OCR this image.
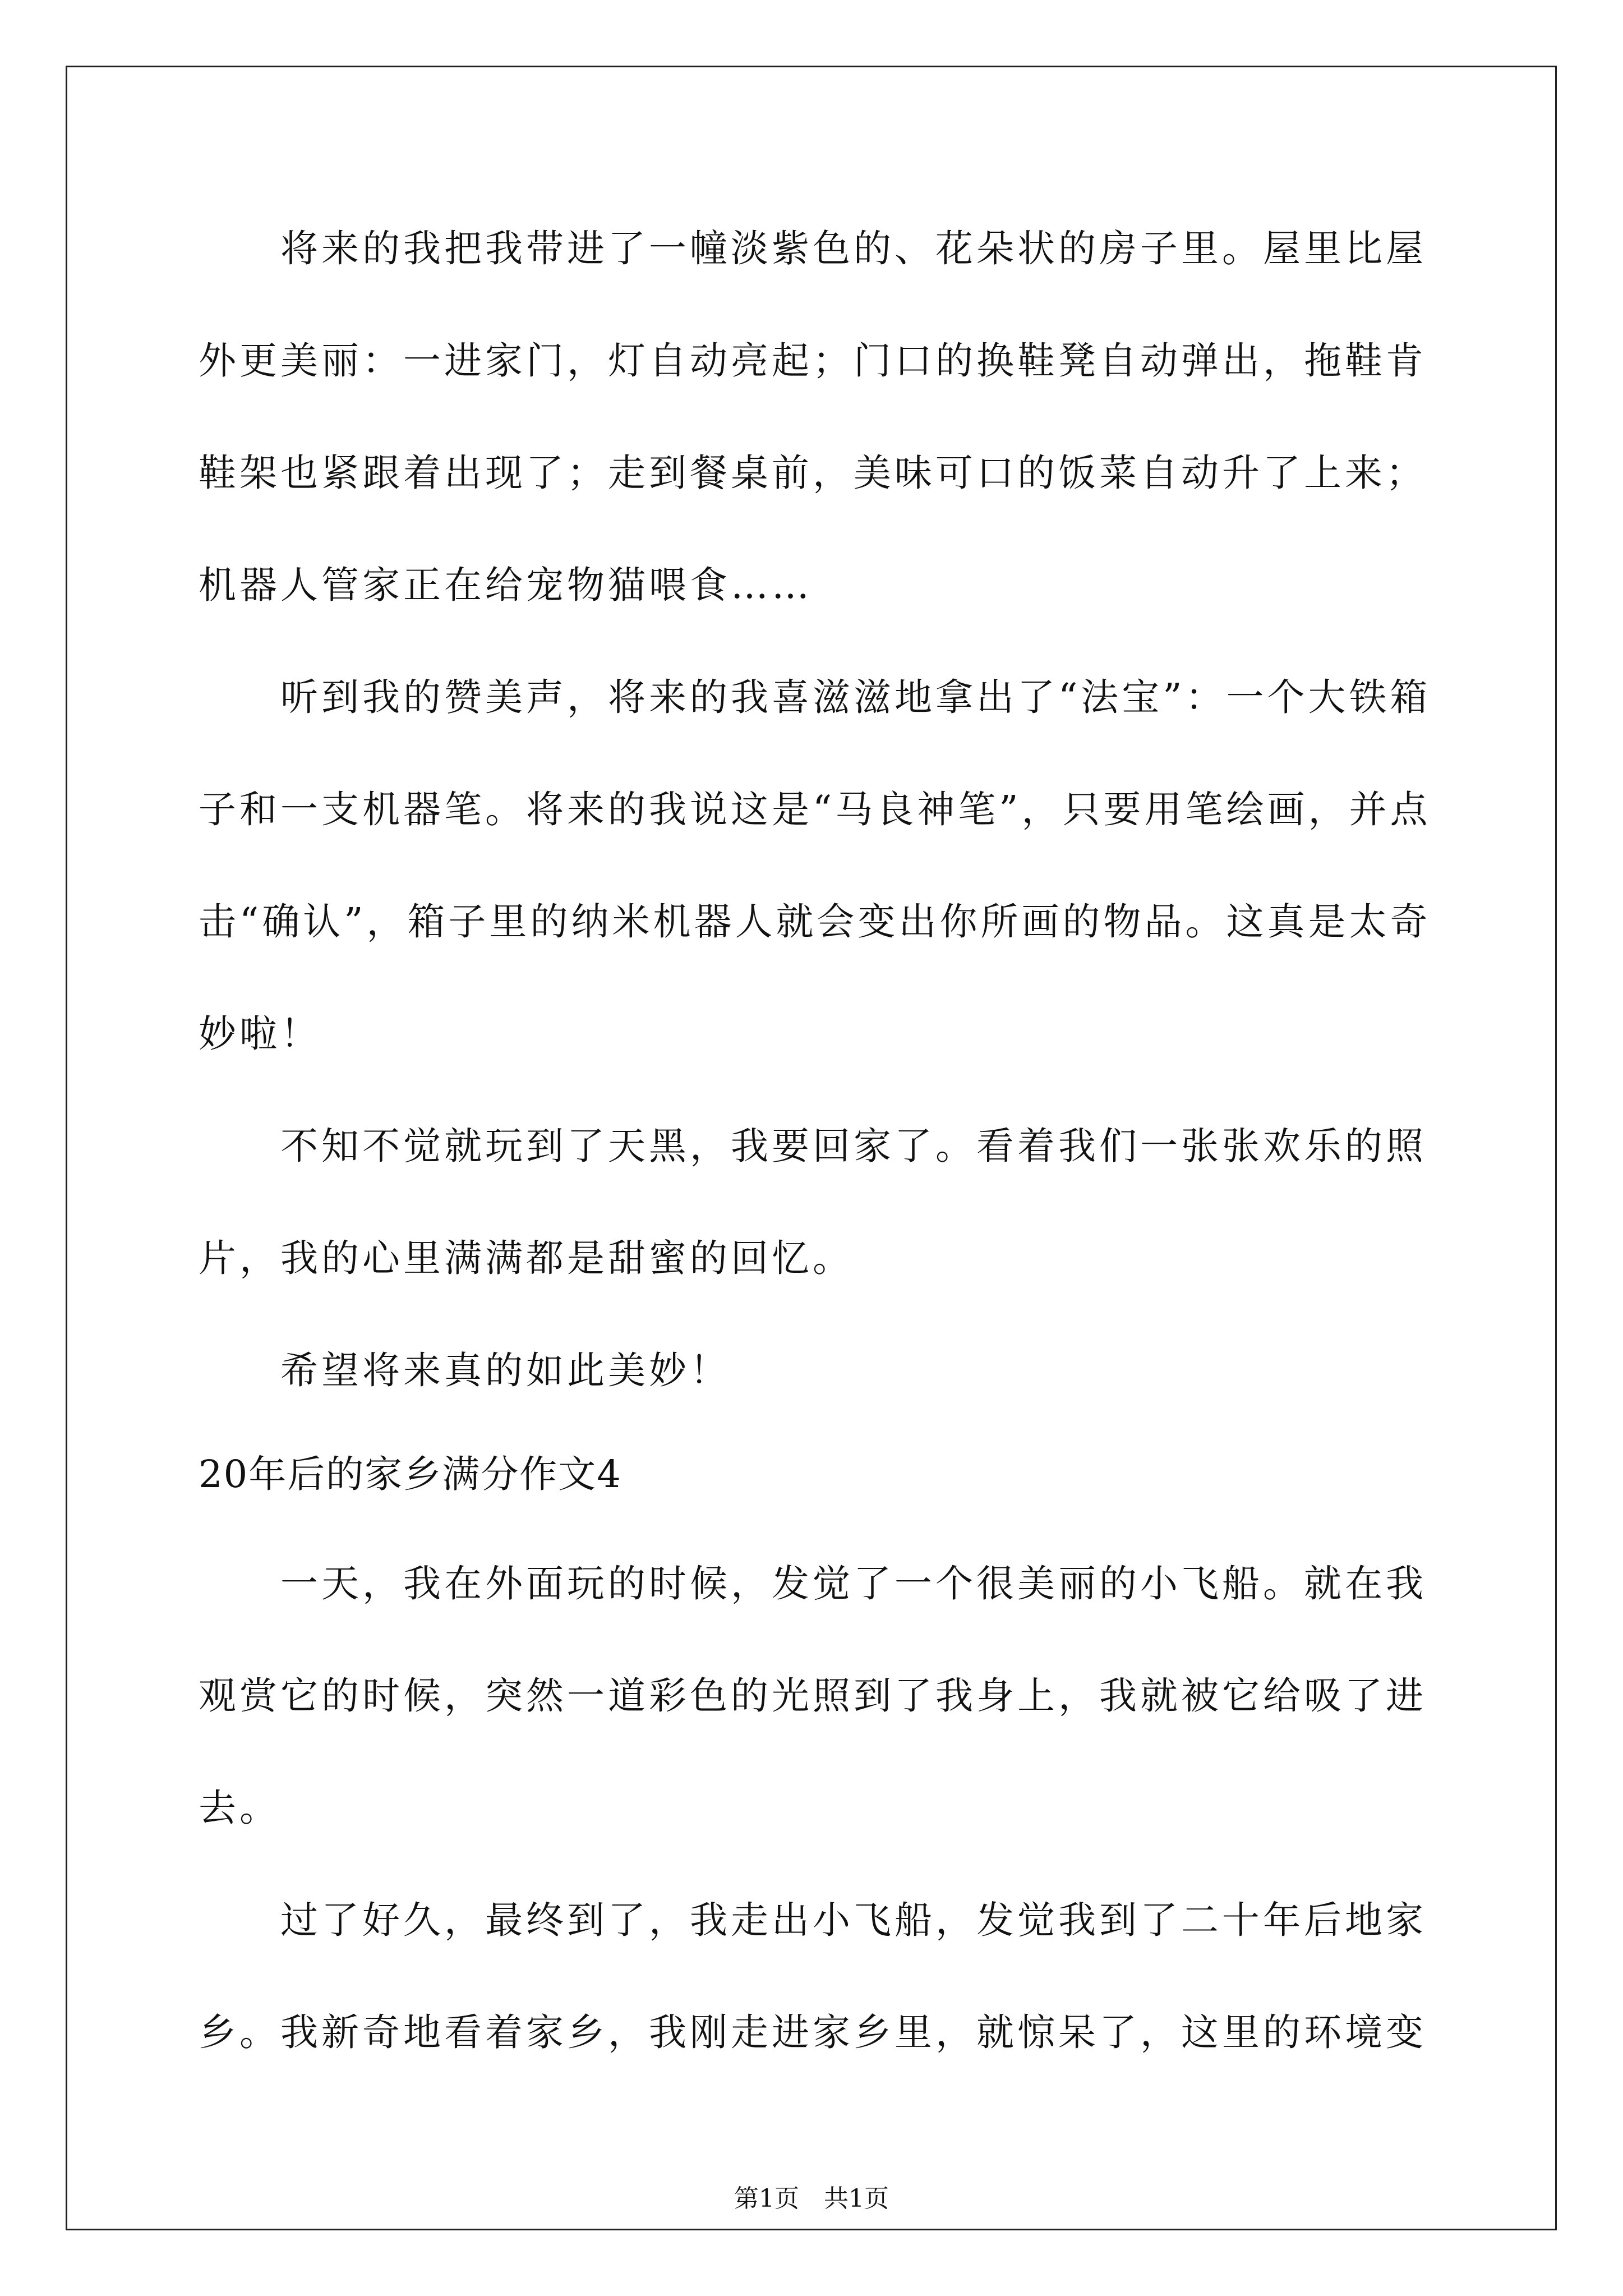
将来的我把我带进了一幢淡紫色的、花朵状的房子里。屋里比屋
外更美丽：一进家门，灯自动亮起；门口的换鞋凳自动弹出，拖鞋肯
鞋架也紧跟着出现了；走到餐桌前，美味可口的饭菜自动升了上来；
机器人管家正在给宠物猫喂食……
听到我的赞美声，将来的我喜滋滋地拿出了“法宝”：一个大铁箱
子和一支机器笔。将来的我说这是“马良神笔”，只要用笔绘画，并点
击“确认”，箱子里的纳米机器人就会变出你所画的物品。这真是太奇
妙啦！
不知不觉就玩到了天黑，我要回家了。看着我们一张张欢乐的照
片，我的心里满满都是甜蜜的回忆。
希望将来真的如此美妙！
20年后的家乡满分作文4
一天，我在外面玩的时候，发觉了一个很美丽的小飞船。就在我
观赏它的时候，突然一道彩色的光照到了我身上，我就被它给吸了进
去。
过了好久，最终到了，我走出小飞船，发觉我到了二十年后地家
乡。我新奇地看着家乡，我刚走进家乡里，就惊呆了，这里的环境变
第1页　共1页
